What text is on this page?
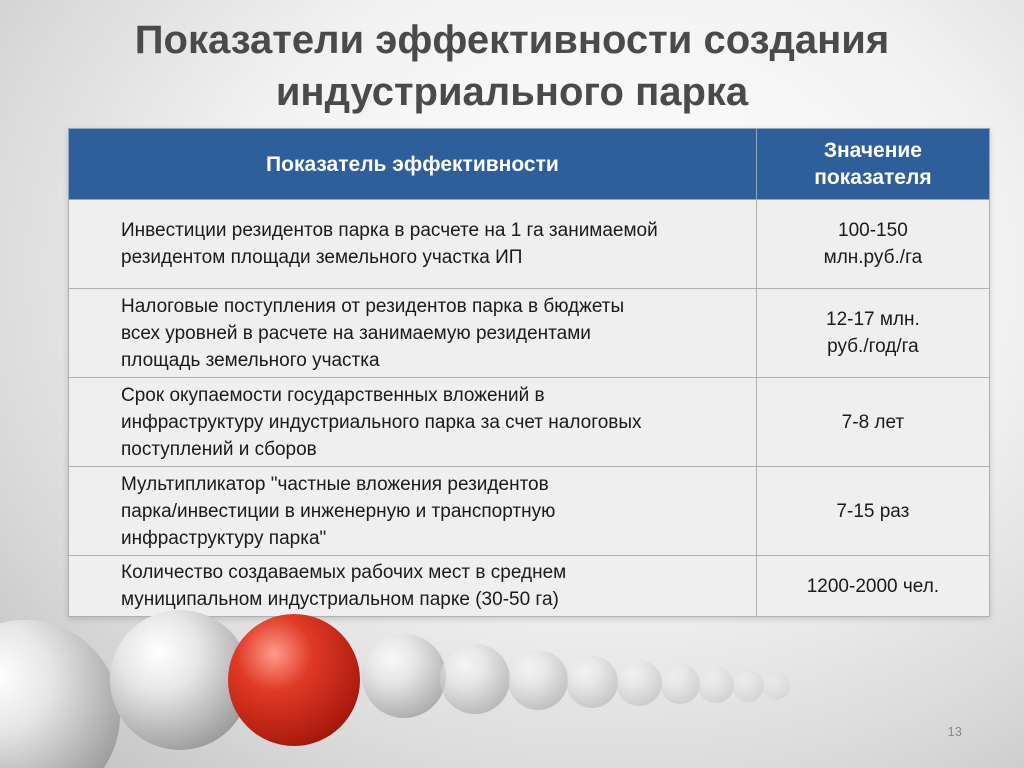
Показатели эффективности создания
индустриального парка
Показатель эффективности	Значение
показателя
Инвестиции резидентов парка в расчете на 1 га занимаемой
резидентом площади земельного участка ИП	100-150
млн.руб./га
Налоговые поступления от резидентов парка в бюджеты
всех уровней в расчете на занимаемую резидентами
площадь земельного участка	12-17 млн.
руб./год/га
Срок окупаемости государственных вложений в
инфраструктуру индустриального парка за счет налоговых
поступлений и сборов	7-8 лет
Мультипликатор "частные вложения резидентов
парка/инвестиции в инженерную и транспортную
инфраструктуру парка"	7-15 раз
Количество создаваемых рабочих мест в среднем
муниципальном индустриальном парке (30-50 га)	1200-2000 чел.
13
